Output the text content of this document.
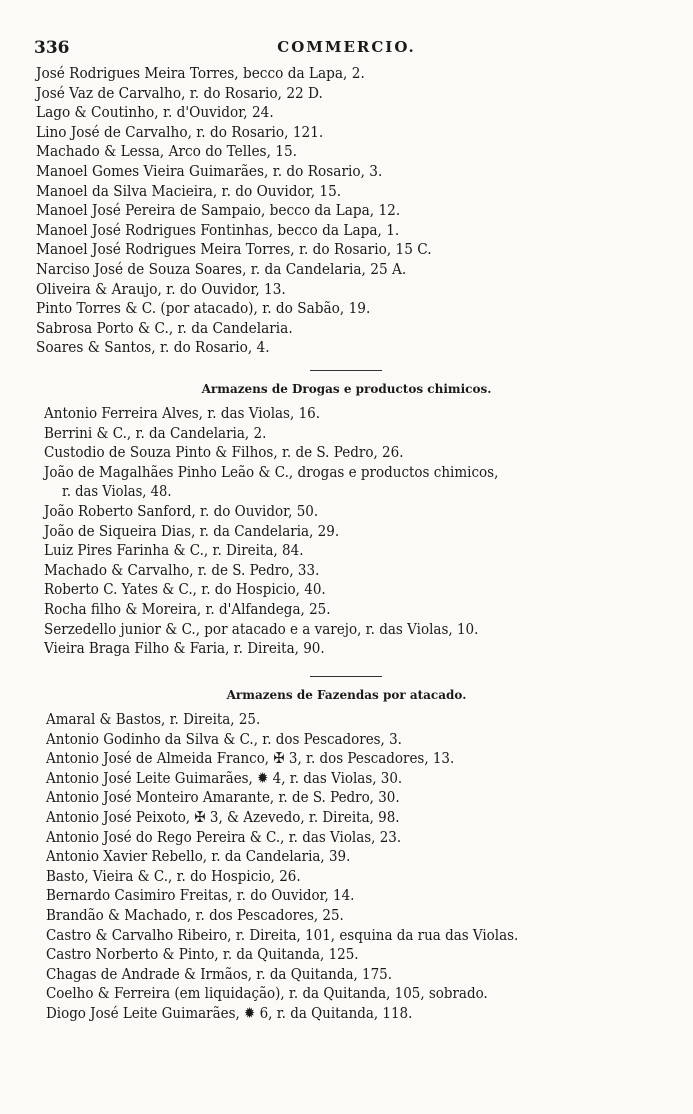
336	COMMERCIO.
José Rodrigues Meira Torres, becco da Lapa, 2.
José Vaz de Carvalho, r. do Rosario, 22 D.
Lago & Coutinho, r. d'Ouvidor, 24.
Lino José de Carvalho, r. do Rosario, 121.
Machado & Lessa, Arco do Telles, 15.
Manoel Gomes Vieira Guimarães, r. do Rosario, 3.
Manoel da Silva Macieira, r. do Ouvidor, 15.
Manoel José Pereira de Sampaio, becco da Lapa, 12.
Manoel José Rodrigues Fontinhas, becco da Lapa, 1.
Manoel José Rodrigues Meira Torres, r. do Rosario, 15 C.
Narciso José de Souza Soares, r. da Candelaria, 25 A.
Oliveira & Araujo, r. do Ouvidor, 13.
Pinto Torres & C. (por atacado), r. do Sabão, 19.
Sabrosa Porto & C., r. da Candelaria.
Soares & Santos, r. do Rosario, 4.
Armazens de Drogas e productos chimicos.
Antonio Ferreira Alves, r. das Violas, 16.
Berrini & C., r. da Candelaria, 2.
Custodio de Souza Pinto & Filhos, r. de S. Pedro, 26.
João de Magalhães Pinho Leão & C., drogas e productos chimicos,
r. das Violas, 48.
João Roberto Sanford, r. do Ouvidor, 50.
João de Siqueira Dias, r. da Candelaria, 29.
Luiz Pires Farinha & C., r. Direita, 84.
Machado & Carvalho, r. de S. Pedro, 33.
Roberto C. Yates & C., r. do Hospicio, 40.
Rocha filho & Moreira, r. d'Alfandega, 25.
Serzedello junior & C., por atacado e a varejo, r. das Violas, 10.
Vieira Braga Filho & Faria, r. Direita, 90.
Armazens de Fazendas por atacado.
Amaral & Bastos, r. Direita, 25.
Antonio Godinho da Silva & C., r. dos Pescadores, 3.
Antonio José de Almeida Franco, ✠ 3, r. dos Pescadores, 13.
Antonio José Leite Guimarães, ✹ 4, r. das Violas, 30.
Antonio José Monteiro Amarante, r. de S. Pedro, 30.
Antonio José Peixoto, ✠ 3, & Azevedo, r. Direita, 98.
Antonio José do Rego Pereira & C., r. das Violas, 23.
Antonio Xavier Rebello, r. da Candelaria, 39.
Basto, Vieira & C., r. do Hospicio, 26.
Bernardo Casimiro Freitas, r. do Ouvidor, 14.
Brandão & Machado, r. dos Pescadores, 25.
Castro & Carvalho Ribeiro, r. Direita, 101, esquina da rua das Violas.
Castro Norberto & Pinto, r. da Quitanda, 125.
Chagas de Andrade & Irmãos, r. da Quitanda, 175.
Coelho & Ferreira (em liquidação), r. da Quitanda, 105, sobrado.
Diogo José Leite Guimarães, ✹ 6, r. da Quitanda, 118.
